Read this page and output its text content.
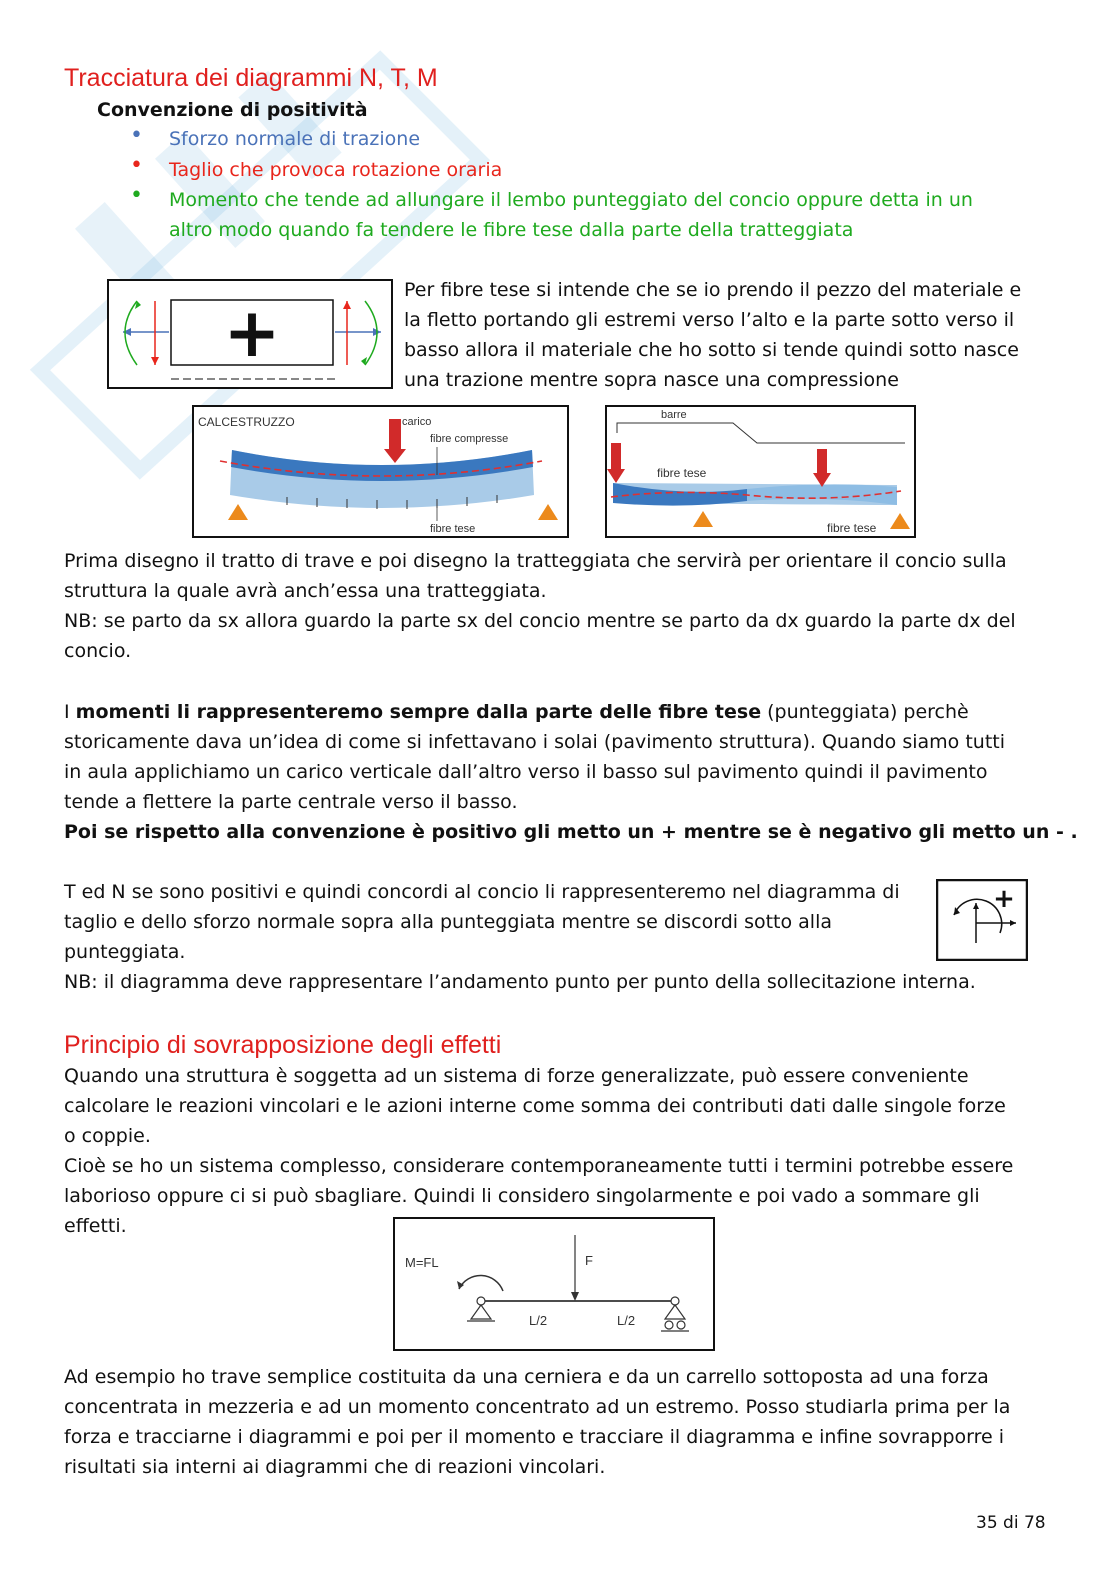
Tracciatura dei diagrammi N, T, M
Convenzione di positività
• Sforzo normale di trazione
• Taglio che provoca rotazione oraria
• Momento che tende ad allungare il lembo punteggiato del concio oppure detta in un
altro modo quando fa tendere le fibre tese dalla parte della tratteggiata
+
Per fibre tese si intende che se io prendo il pezzo del materiale e
la fletto portando gli estremi verso l’alto e la parte sotto verso il
basso allora il materiale che ho sotto si tende quindi sotto nasce
una trazione mentre sopra nasce una compressione
CALCESTRUZZO	carico
fibre compresse
fibre tese
barre
fibre tese
fibre tese
Prima disegno il tratto di trave e poi disegno la tratteggiata che servirà per orientare il concio sulla
struttura la quale avrà anch’essa una tratteggiata.
NB: se parto da sx allora guardo la parte sx del concio mentre se parto da dx guardo la parte dx del
concio.
I momenti li rappresenteremo sempre dalla parte delle fibre tese (punteggiata) perchè
storicamente dava un’idea di come si infettavano i solai (pavimento struttura). Quando siamo tutti
in aula applichiamo un carico verticale dall’altro verso il basso sul pavimento quindi il pavimento
tende a flettere la parte centrale verso il basso.
Poi se rispetto alla convenzione è positivo gli metto un + mentre se è negativo gli metto un - .
T ed N se sono positivi e quindi concordi al concio li rappresenteremo nel diagramma di
taglio e dello sforzo normale sopra alla punteggiata mentre se discordi sotto alla
punteggiata.
NB: il diagramma deve rappresentare l’andamento punto per punto della sollecitazione interna.
+
Principio di sovrapposizione degli effetti
Quando una struttura è soggetta ad un sistema di forze generalizzate, può essere conveniente
calcolare le reazioni vincolari e le azioni interne come somma dei contributi dati dalle singole forze
o coppie.
Cioè se ho un sistema complesso, considerare contemporaneamente tutti i termini potrebbe essere
laborioso oppure ci si può sbagliare. Quindi li considero singolarmente e poi vado a sommare gli
effetti.
M=FL	F
L/2	L/2
Ad esempio ho trave semplice costituita da una cerniera e da un carrello sottoposta ad una forza
concentrata in mezzeria e ad un momento concentrato ad un estremo. Posso studiarla prima per la
forza e tracciarne i diagrammi e poi per il momento e tracciare il diagramma e infine sovrapporre i
risultati sia interni ai diagrammi che di reazioni vincolari.
35 di 78
